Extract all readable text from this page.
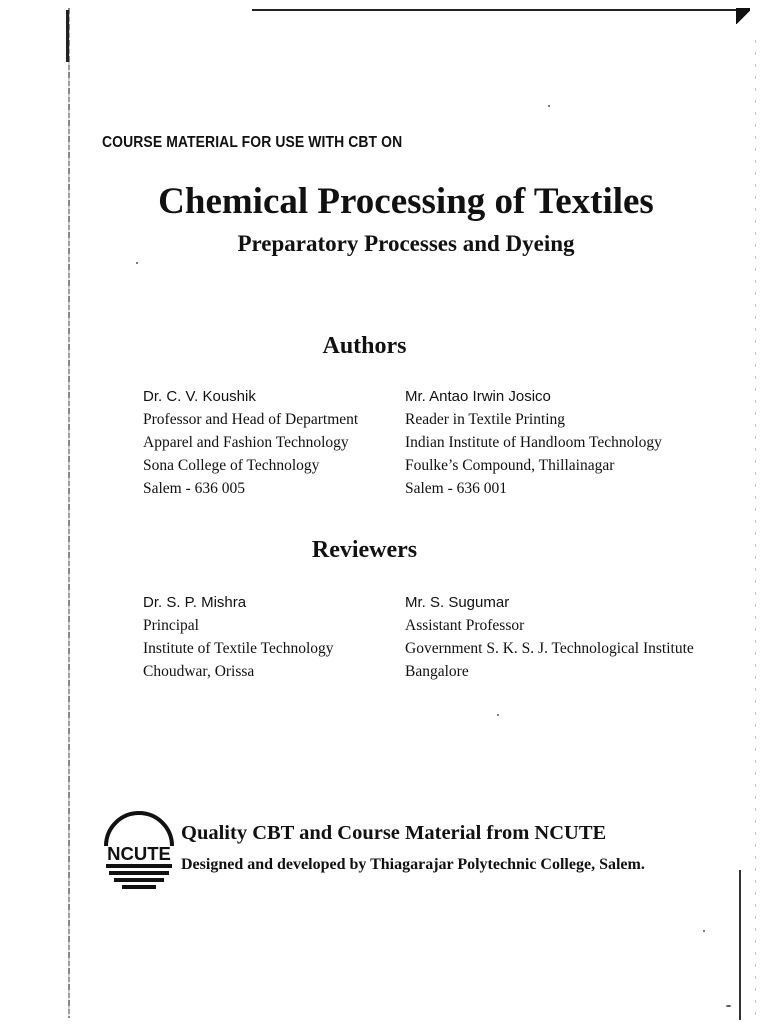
COURSE MATERIAL FOR USE WITH CBT ON
Chemical Processing of Textiles
Preparatory Processes and Dyeing
Authors
Dr. C. V. Koushik
Professor and Head of Department
Apparel and Fashion Technology
Sona College of Technology
Salem - 636 005
Mr. Antao Irwin Josico
Reader in Textile Printing
Indian Institute of Handloom Technology
Foulke’s Compound, Thillainagar
Salem - 636 001
Reviewers
Dr. S. P. Mishra
Principal
Institute of Textile Technology
Choudwar, Orissa
Mr. S. Sugumar
Assistant Professor
Government S. K. S. J. Technological Institute
Bangalore
NCUTE
Quality CBT and Course Material from NCUTE
Designed and developed by Thiagarajar Polytechnic College, Salem.
